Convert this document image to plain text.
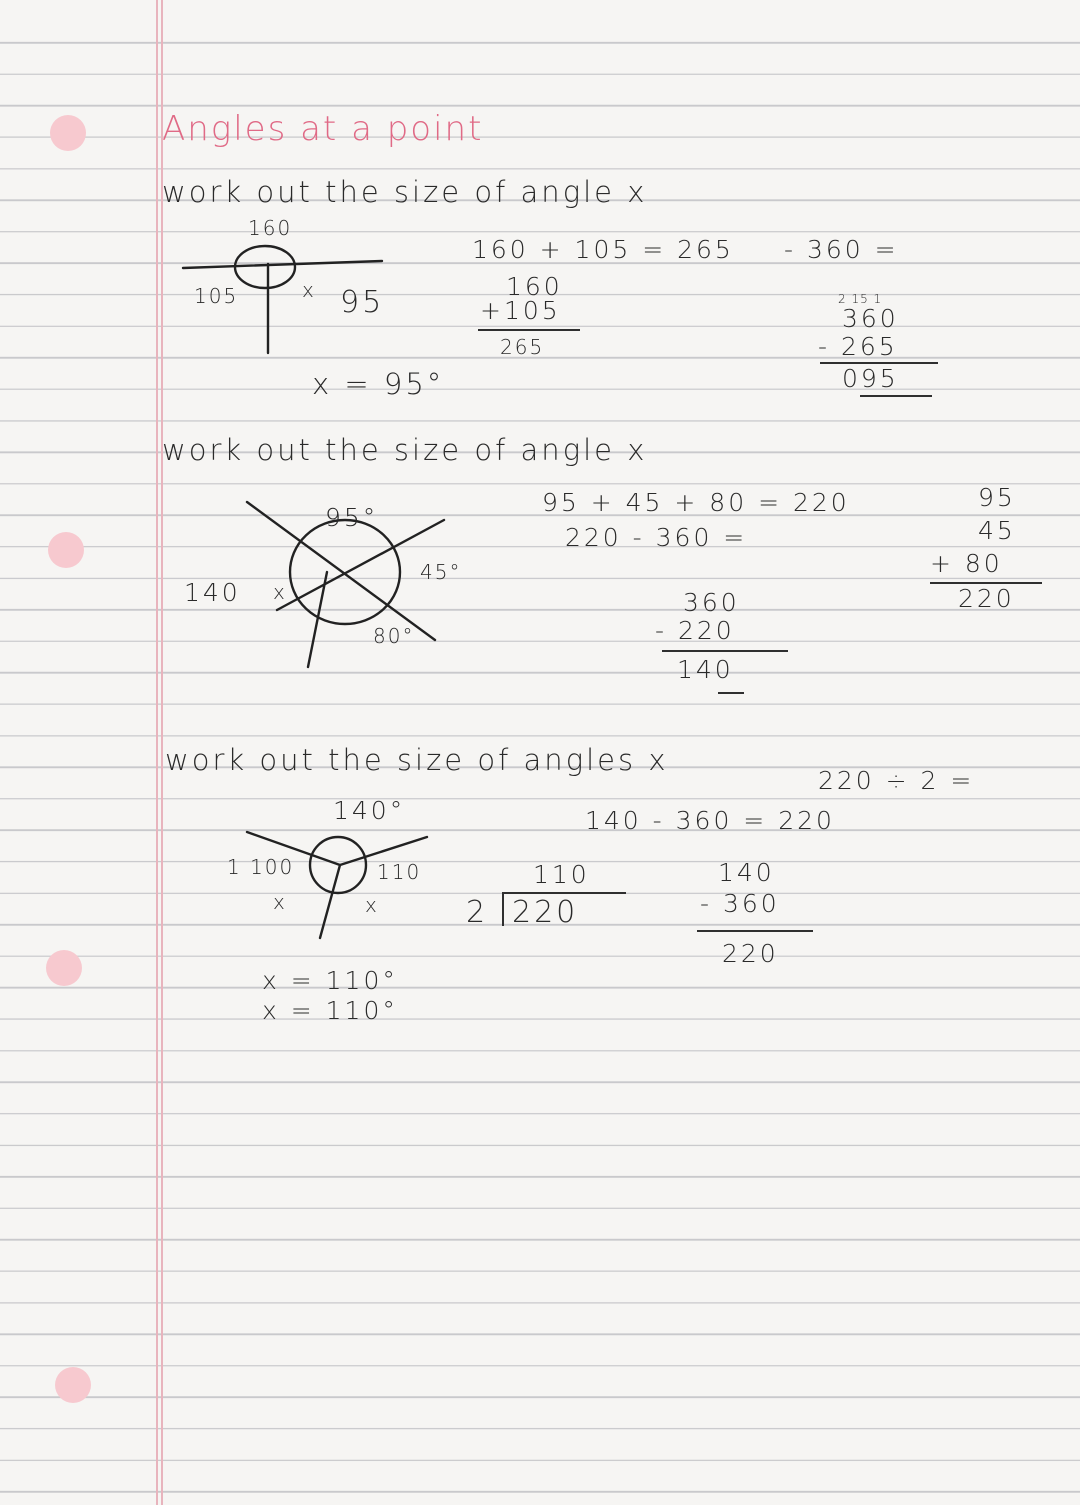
Angles at a point
work out the size of angle x
160
105	x 95
160 + 105 = 265 - 360 =
160
+105
265
2 15 1
360
- 265
095
x = 95°
work out the size of angle x
95°
140 x
45°
80°
95 + 45 + 80 = 220
220 - 360 =
360
- 220
140
95
45
+ 80
220
work out the size of angles x
220 ÷ 2 =
140°	140 - 360 = 220
1 100
x
110
x
110
2 220
140
- 360
220
x = 110°
x = 110°
